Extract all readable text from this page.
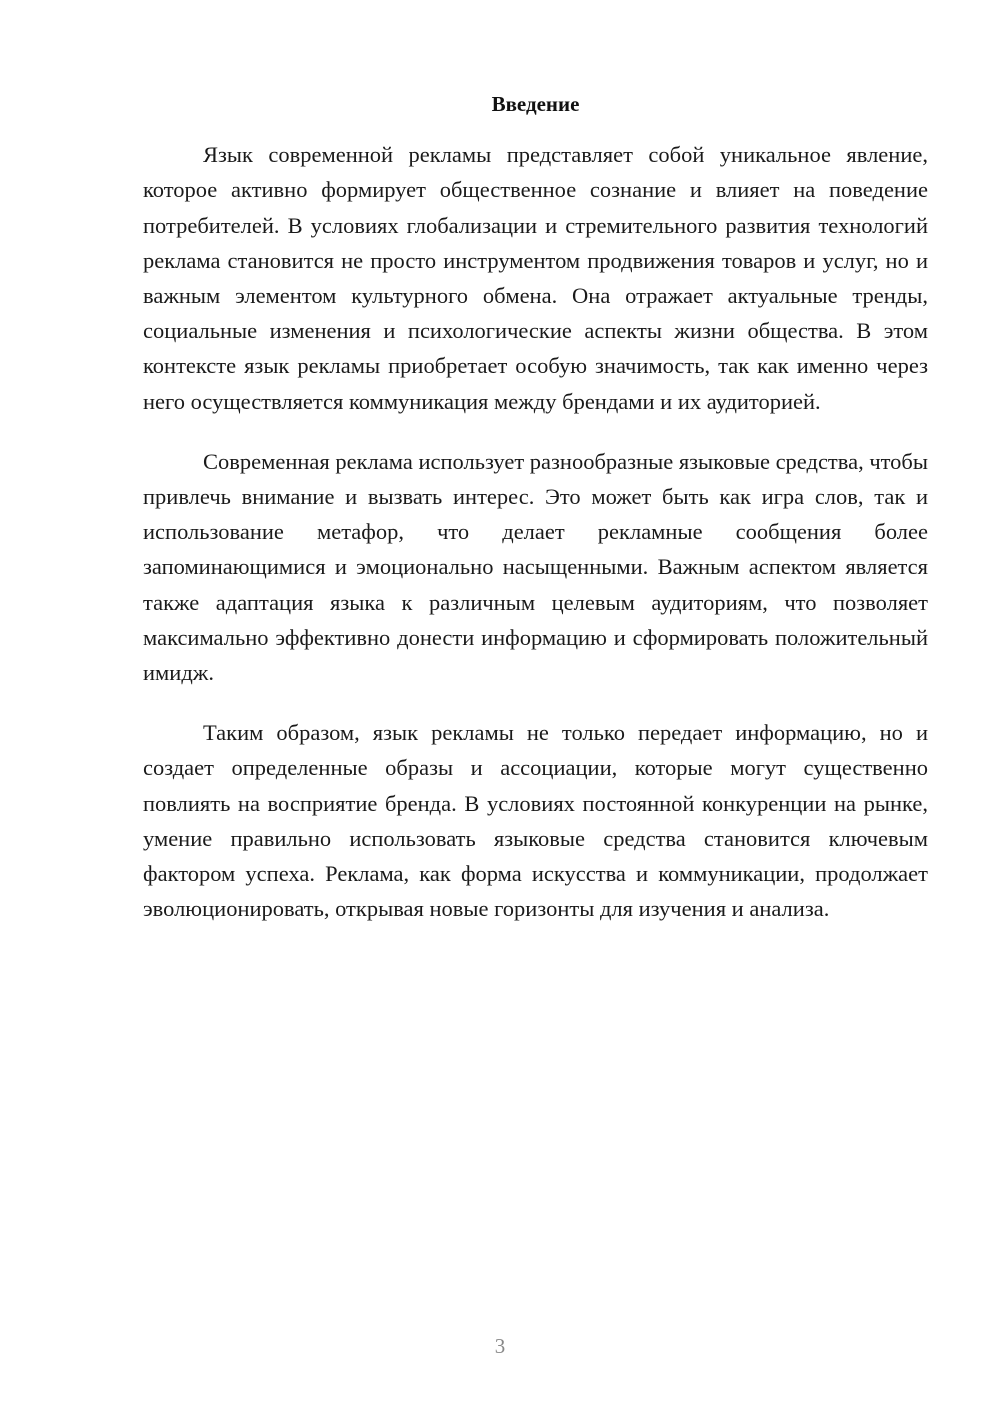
Введение

Язык современной рекламы представляет собой уникальное явление, которое активно формирует общественное сознание и влияет на поведение потребителей. В условиях глобализации и стремительного развития технологий реклама становится не просто инструментом продвижения товаров и услуг, но и важным элементом культурного обмена. Она отражает актуальные тренды, социальные изменения и психологические аспекты жизни общества. В этом контексте язык рекламы приобретает особую значимость, так как именно через него осуществляется коммуникация между брендами и их аудиторией.

Современная реклама использует разнообразные языковые средства, чтобы привлечь внимание и вызвать интерес. Это может быть как игра слов, так и использование метафор, что делает рекламные сообщения более запоминающимися и эмоционально насыщенными. Важным аспектом является также адаптация языка к различным целевым аудиториям, что позволяет максимально эффективно донести информацию и сформировать положительный имидж.

Таким образом, язык рекламы не только передает информацию, но и создает определенные образы и ассоциации, которые могут существенно повлиять на восприятие бренда. В условиях постоянной конкуренции на рынке, умение правильно использовать языковые средства становится ключевым фактором успеха. Реклама, как форма искусства и коммуникации, продолжает эволюционировать, открывая новые горизонты для изучения и анализа.

3
